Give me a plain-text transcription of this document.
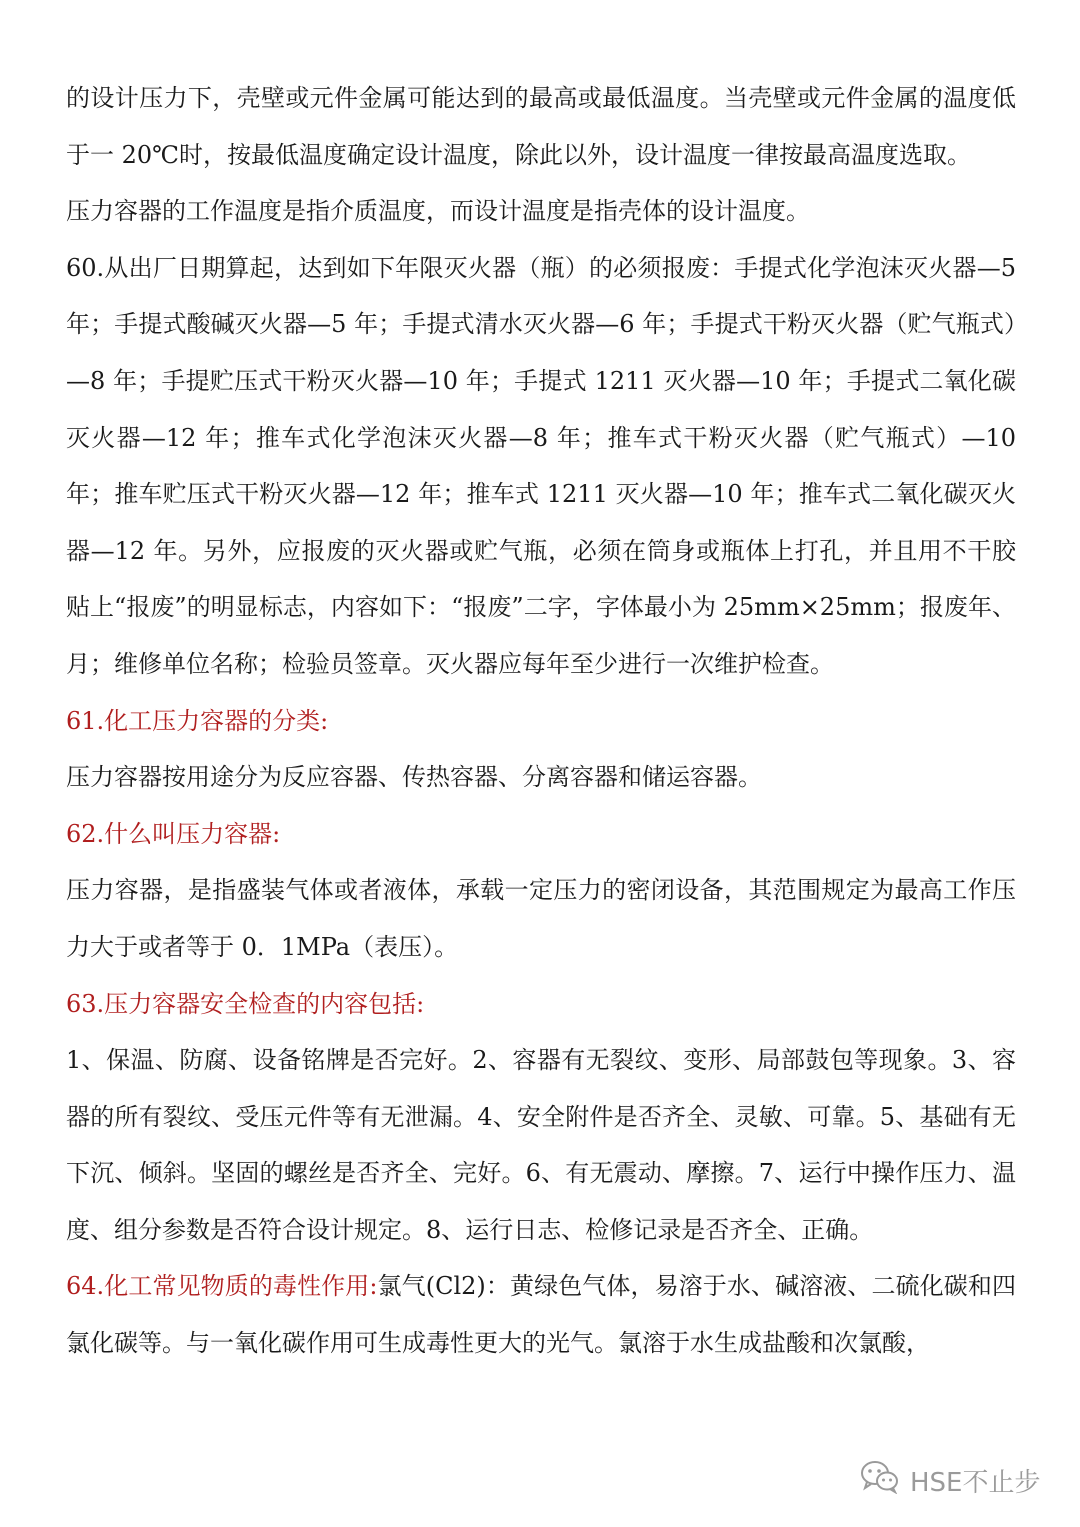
的设计压力下，壳壁或元件金属可能达到的最高或最低温度。当壳壁或元件金属的温度低于一 20℃时，按最低温度确定设计温度，除此以外，设计温度一律按最高温度选取。

压力容器的工作温度是指介质温度，而设计温度是指壳体的设计温度。

60.从出厂日期算起，达到如下年限灭火器（瓶）的必须报废：手提式化学泡沫灭火器—5 年；手提式酸碱灭火器—5 年；手提式清水灭火器—6 年；手提式干粉灭火器（贮气瓶式）—8 年；手提贮压式干粉灭火器—10 年；手提式 1211 灭火器—10 年；手提式二氧化碳灭火器—12 年；推车式化学泡沫灭火器—8 年；推车式干粉灭火器（贮气瓶式）—10 年；推车贮压式干粉灭火器—12 年；推车式 1211 灭火器—10 年；推车式二氧化碳灭火器—12 年。另外，应报废的灭火器或贮气瓶，必须在筒身或瓶体上打孔，并且用不干胶贴上“报废”的明显标志，内容如下：“报废”二字，字体最小为 25mm×25mm；报废年、月；维修单位名称；检验员签章。灭火器应每年至少进行一次维护检查。

61.化工压力容器的分类:

压力容器按用途分为反应容器、传热容器、分离容器和储运容器。

62.什么叫压力容器:

压力容器，是指盛装气体或者液体，承载一定压力的密闭设备，其范围规定为最高工作压力大于或者等于 0．1MPa（表压）。

63.压力容器安全检查的内容包括:

1、保温、防腐、设备铭牌是否完好。2、容器有无裂纹、变形、局部鼓包等现象。3、容器的所有裂纹、受压元件等有无泄漏。4、安全附件是否齐全、灵敏、可靠。5、基础有无下沉、倾斜。坚固的螺丝是否齐全、完好。6、有无震动、摩擦。7、运行中操作压力、温度、组分参数是否符合设计规定。8、运行日志、检修记录是否齐全、正确。

64.化工常见物质的毒性作用:氯气(Cl2)：黄绿色气体，易溶于水、碱溶液、二硫化碳和四氯化碳等。与一氧化碳作用可生成毒性更大的光气。氯溶于水生成盐酸和次氯酸，

HSE不止步
